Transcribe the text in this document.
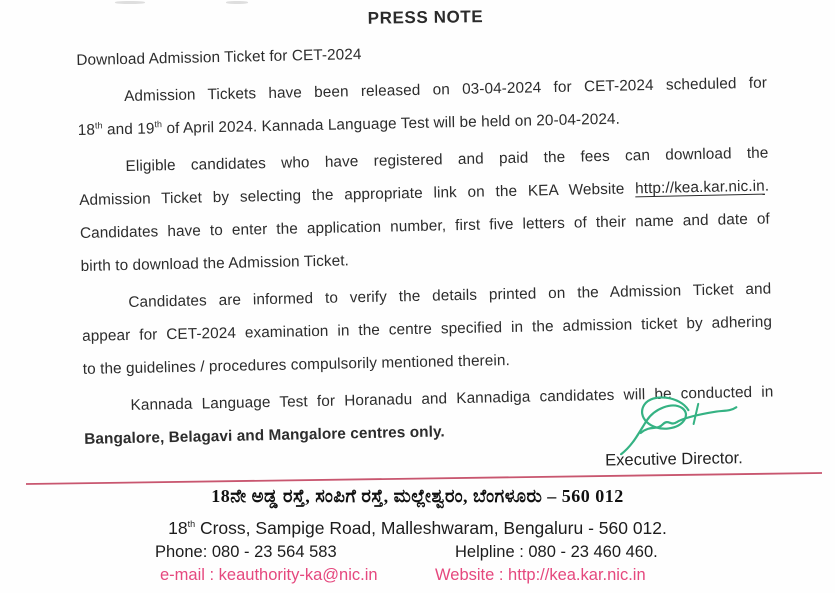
PRESS NOTE
Download Admission Ticket for CET-2024
Admission Tickets have been released on 03-04-2024 for CET-2024 scheduled for
18th and 19th of April 2024. Kannada Language Test will be held on 20-04-2024.
Eligible candidates who have registered and paid the fees can download the
Admission Ticket by selecting the appropriate link on the KEA Website http://kea.kar.nic.in.
Candidates have to enter the application number, first five letters of their name and date of
birth to download the Admission Ticket.
Candidates are informed to verify the details printed on the Admission Ticket and
appear for CET-2024 examination in the centre specified in the admission ticket by adhering
to the guidelines / procedures compulsorily mentioned therein.
Kannada Language Test for Horanadu and Kannadiga candidates will be conducted in
Bangalore, Belagavi and Mangalore centres only.
Executive Director.
18ನೇ ಅಡ್ಡ ರಸ್ತೆ, ಸಂಪಿಗೆ ರಸ್ತೆ, ಮಲ್ಲೇಶ್ವರಂ, ಬೆಂಗಳೂರು – 560 012
18th Cross, Sampige Road, Malleshwaram, Bengaluru - 560 012.
Phone: 080 - 23 564 583	Helpline : 080 - 23 460 460.
e-mail : keauthority-ka@nic.in	Website : http://kea.kar.nic.in
